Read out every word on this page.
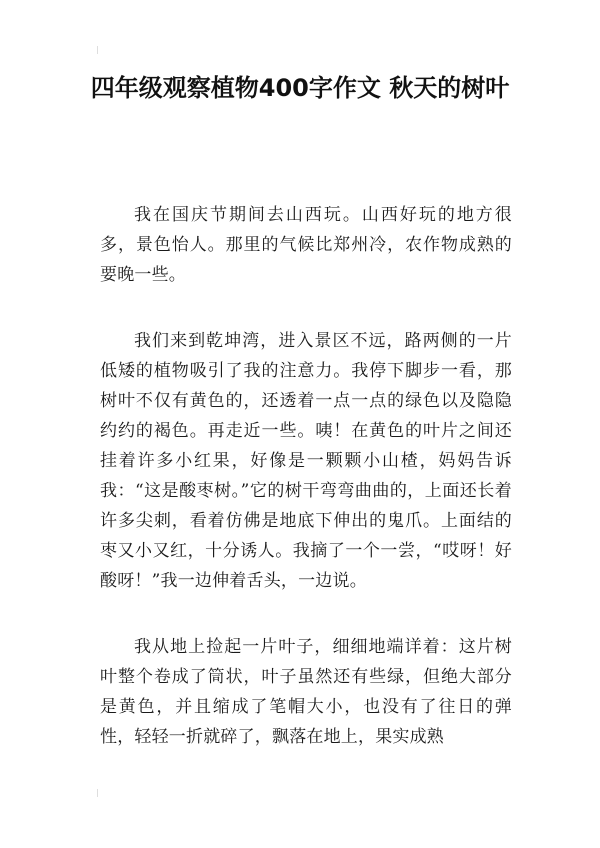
|
四年级观察植物400字作文 秋天的树叶

我在国庆节期间去山西玩。山西好玩的地方很多，景色怡人。那里的气候比郑州冷，农作物成熟的要晚一些。

我们来到乾坤湾，进入景区不远，路两侧的一片低矮的植物吸引了我的注意力。我停下脚步一看，那树叶不仅有黄色的，还透着一点一点的绿色以及隐隐约约的褐色。再走近一些。咦！在黄色的叶片之间还挂着许多小红果，好像是一颗颗小山楂，妈妈告诉我：“这是酸枣树。”它的树干弯弯曲曲的，上面还长着许多尖刺，看着仿佛是地底下伸出的鬼爪。上面结的枣又小又红，十分诱人。我摘了一个一尝，“哎呀！好酸呀！”我一边伸着舌头，一边说。

我从地上捡起一片叶子，细细地端详着：这片树叶整个卷成了筒状，叶子虽然还有些绿，但绝大部分是黄色，并且缩成了笔帽大小，也没有了往日的弹性，轻轻一折就碎了，飘落在地上，果实成熟

|
